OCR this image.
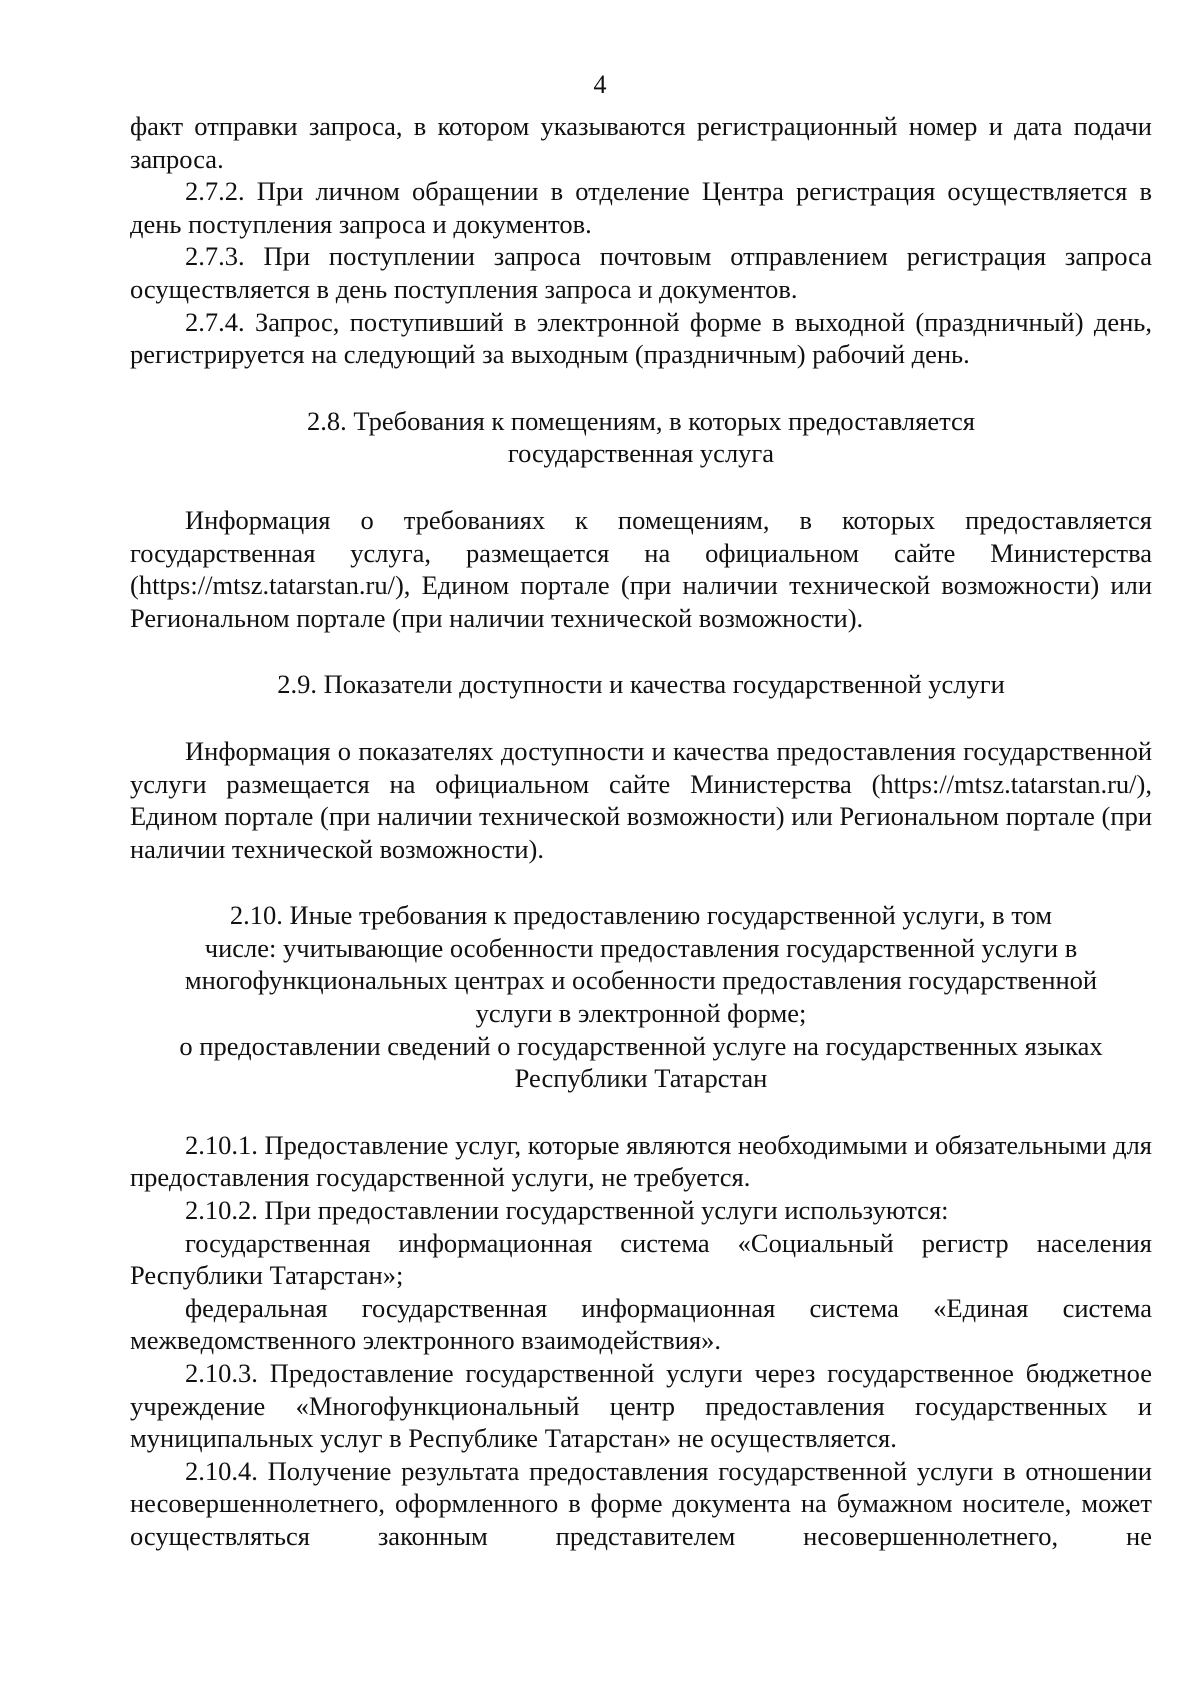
4

факт отправки запроса, в котором указываются регистрационный номер и дата подачи запроса.

2.7.2. При личном обращении в отделение Центра регистрация осуществляется в день поступления запроса и документов.

2.7.3. При поступлении запроса почтовым отправлением регистрация запроса осуществляется в день поступления запроса и документов.

2.7.4. Запрос, поступивший в электронной форме в выходной (праздничный) день, регистрируется на следующий за выходным (праздничным) рабочий день.

2.8. Требования к помещениям, в которых предоставляется

государственная услуга

Информация о требованиях к помещениям, в которых предоставляется государственная услуга, размещается на официальном сайте Министерства (https://mtsz.tatarstan.ru/), Едином портале (при наличии технической возможности) или Региональном портале (при наличии технической возможности).

2.9. Показатели доступности и качества государственной услуги

Информация о показателях доступности и качества предоставления государственной услуги размещается на официальном сайте Министерства (https://mtsz.tatarstan.ru/), Едином портале (при наличии технической возможности) или Региональном портале (при наличии технической возможности).

2.10. Иные требования к предоставлению государственной услуги, в том

числе: учитывающие особенности предоставления государственной услуги в

многофункциональных центрах и особенности предоставления государственной

услуги в электронной форме;

о предоставлении сведений о государственной услуге на государственных языках

Республики Татарстан

2.10.1. Предоставление услуг, которые являются необходимыми и обязательными для предоставления государственной услуги, не требуется.

2.10.2. При предоставлении государственной услуги используются:

государственная информационная система «Социальный регистр населения Республики Татарстан»;

федеральная государственная информационная система «Единая система межведомственного электронного взаимодействия».

2.10.3. Предоставление государственной услуги через государственное бюджетное учреждение «Многофункциональный центр предоставления государственных и муниципальных услуг в Республике Татарстан» не осуществляется.

2.10.4. Получение результата предоставления государственной услуги в отношении несовершеннолетнего, оформленного в форме документа на бумажном носителе, может осуществляться законным представителем несовершеннолетнего, не
